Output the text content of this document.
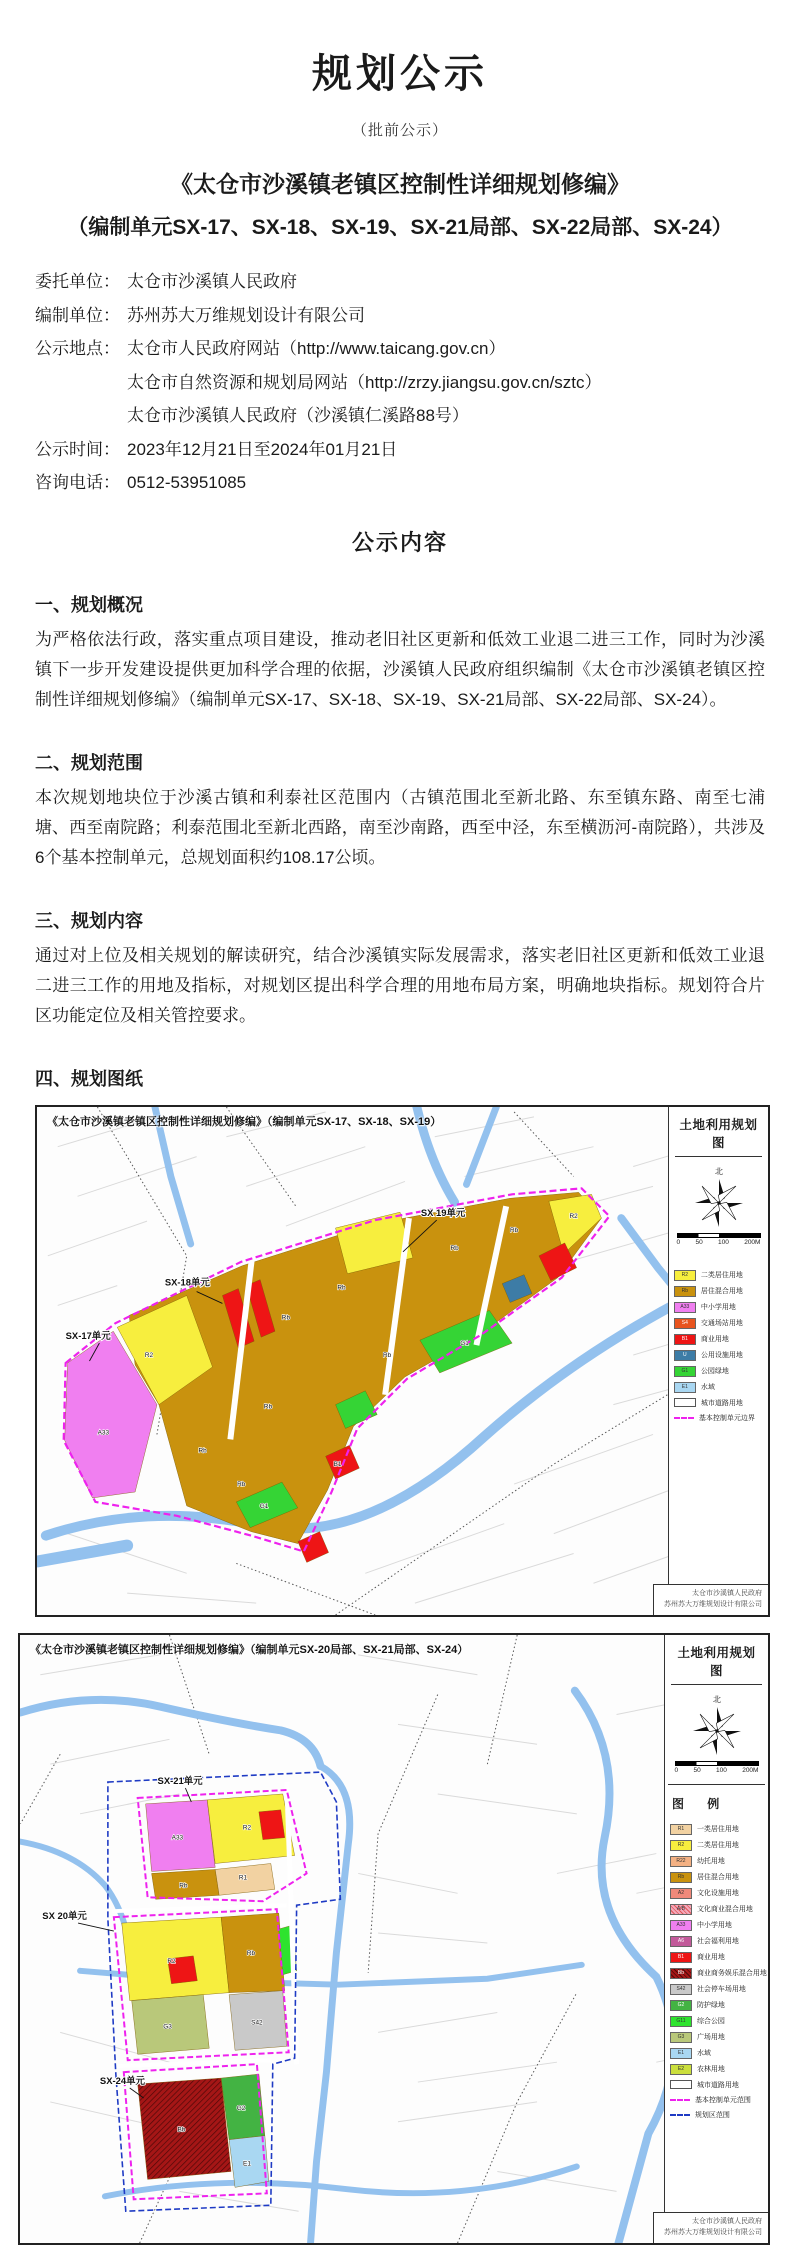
规划公示
（批前公示）
《太仓市沙溪镇老镇区控制性详细规划修编》
（编制单元SX-17、SX-18、SX-19、SX-21局部、SX-22局部、SX-24）
委托单位： 太仓市沙溪镇人民政府
编制单位： 苏州苏大万维规划设计有限公司
公示地点： 太仓市人民政府网站（http://www.taicang.gov.cn）
太仓市自然资源和规划局网站（http://zrzy.jiangsu.gov.cn/sztc）
太仓市沙溪镇人民政府（沙溪镇仁溪路88号）
公示时间： 2023年12月21日至2024年01月21日
咨询电话： 0512-53951085
公示内容
一、规划概况

为严格依法行政，落实重点项目建设，推动老旧社区更新和低效工业退二进三工作，同时为沙溪镇下一步开发建设提供更加科学合理的依据，沙溪镇人民政府组织编制《太仓市沙溪镇老镇区控制性详细规划修编》（编制单元SX-17、SX-18、SX-19、SX-21局部、SX-22局部、SX-24）。

二、规划范围

本次规划地块位于沙溪古镇和利泰社区范围内（古镇范围北至新北路、东至镇东路、南至七浦塘、西至南院路；利泰范围北至新北西路，南至沙南路，西至中泾，东至横沥河-南院路），共涉及6个基本控制单元，总规划面积约108.17公顷。

三、规划内容

通过对上位及相关规划的解读研究，结合沙溪镇实际发展需求，落实老旧社区更新和低效工业退二进三工作的用地及指标，对规划区提出科学合理的用地布局方案，明确地块指标。规划符合片区功能定位及相关管控要求。

四、规划图纸
R2
A33
Rb
Rb
Rb
Rb
R2
Rb
Rb
Rb
G1
B1
Rb
G1
SX-17单元
SX-18单元
SX 19单元
《太仓市沙溪镇老镇区控制性详细规划修编》（编制单元SX-17、SX-18、SX-19）	土地利用规划图
北
0 50 100 200M
R2	二类居住用地
Rb	居住混合用地
A33	中小学用地
S4	交通场站用地
B1	商业用地
U	公用设施用地
G1	公园绿地
E1	水域
城市道路用地
基本控制单元边界
太仓市沙溪镇人民政府
苏州苏大万维规划设计有限公司
A33
R2
Rb
R1
R2
Rb
G3
S42
Bb
G2
E1
SX-21单元
SX 20单元
SX-24单元
《太仓市沙溪镇老镇区控制性详细规划修编》（编制单元SX-20局部、SX-21局部、SX-24）	土地利用规划图
北
0 50 100 200M
图 例
R1	一类居住用地
R2	二类居住用地
R22	幼托用地
Rb	居住混合用地
A2	文化设施用地
A/B	文化商业混合用地
A33	中小学用地
A6	社会福利用地
B1	商业用地
Bb	商业商务娱乐混合用地
S42	社会停车场用地
G2	防护绿地
G11	综合公园
G3	广场用地
E1	水域
E2	农林用地
城市道路用地
基本控制单元范围
规划区范围
太仓市沙溪镇人民政府
苏州苏大万维规划设计有限公司
